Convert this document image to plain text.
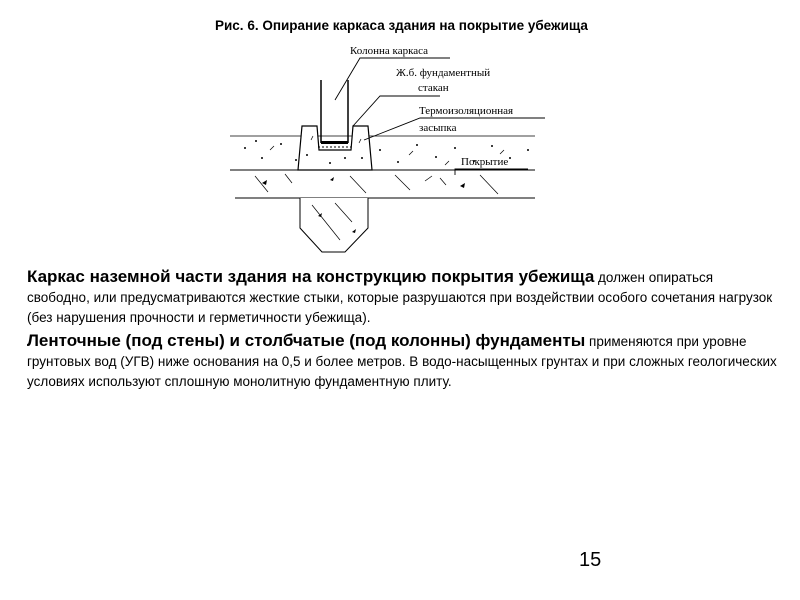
Рис. 6. Опирание каркаса здания на покрытие убежища
Колонна каркаса
Ж.б. фундаментный
стакан
Термоизоляционная
засыпка
Покрытие

Каркас наземной части здания на конструкцию покрытия убежища должен опираться свободно, или предусматриваются жесткие стыки, которые разрушаются при воздействии особого сочетания нагрузок (без нарушения прочности и герметичности убежища).

Ленточные (под стены) и столбчатые (под колонны) фундаменты применяются при уровне грунтовых вод (УГВ) ниже основания на 0,5 и более метров. В водо-насыщенных грунтах и при сложных геологических условиях используют сплошную монолитную фундаментную плиту.

15
